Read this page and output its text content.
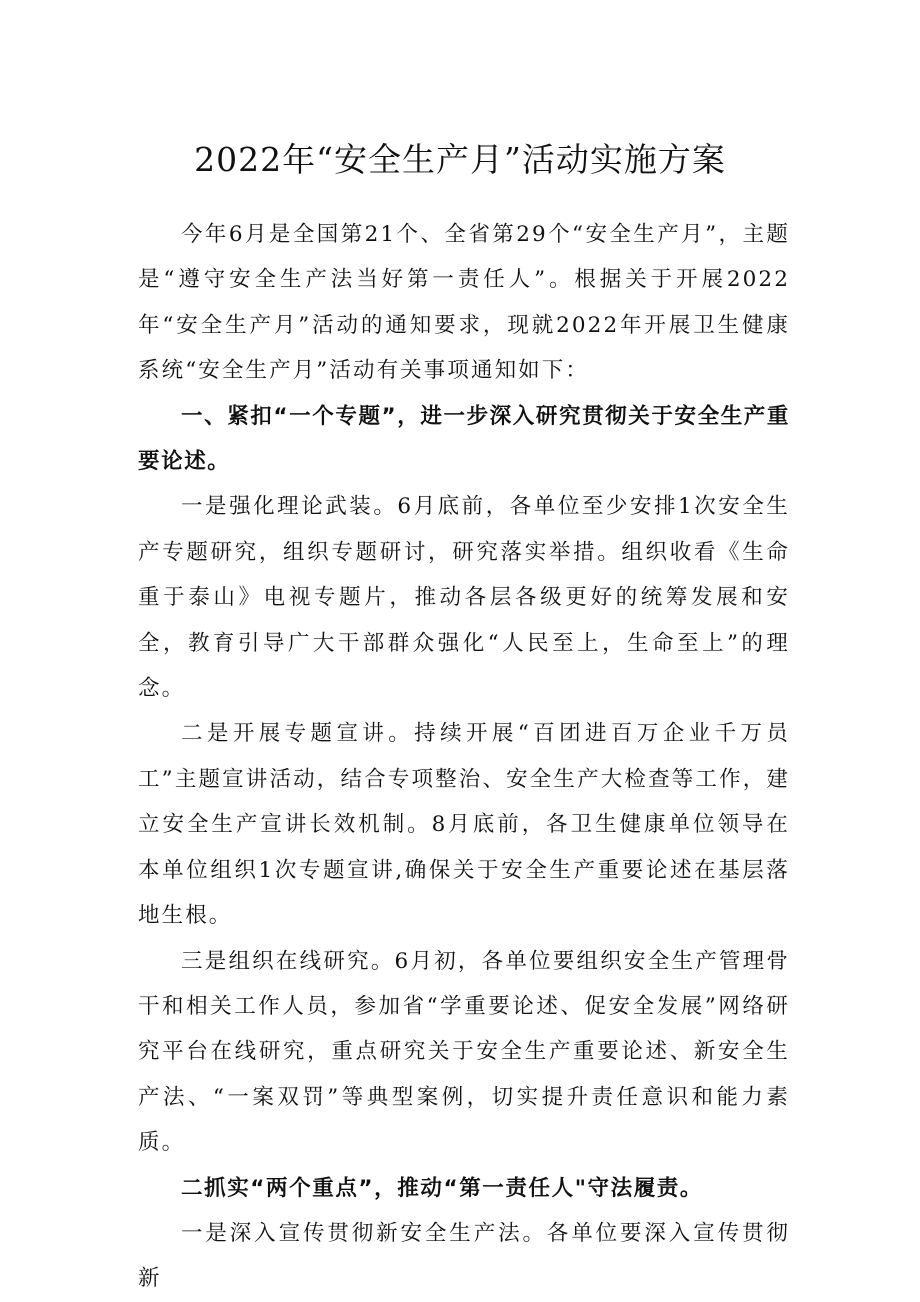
2022年“安全生产月”活动实施方案

今年6月是全国第21个、全省第29个“安全生产月”，主题是“遵守安全生产法当好第一责任人”。根据关于开展2022年“安全生产月”活动的通知要求，现就2022年开展卫生健康系统“安全生产月”活动有关事项通知如下：

一、紧扣“一个专题”，进一步深入研究贯彻关于安全生产重要论述。

一是强化理论武装。6月底前，各单位至少安排1次安全生产专题研究，组织专题研讨，研究落实举措。组织收看《生命重于泰山》电视专题片，推动各层各级更好的统筹发展和安全，教育引导广大干部群众强化“人民至上，生命至上”的理念。

二是开展专题宣讲。持续开展“百团进百万企业千万员工”主题宣讲活动，结合专项整治、安全生产大检查等工作，建立安全生产宣讲长效机制。8月底前，各卫生健康单位领导在本单位组织1次专题宣讲,确保关于安全生产重要论述在基层落地生根。

三是组织在线研究。6月初，各单位要组织安全生产管理骨干和相关工作人员，参加省“学重要论述、促安全发展”网络研究平台在线研究，重点研究关于安全生产重要论述、新安全生产法、“一案双罚”等典型案例，切实提升责任意识和能力素质。

二抓实“两个重点”，推动“第一责任人"守法履责。

一是深入宣传贯彻新安全生产法。各单位要深入宣传贯彻新
